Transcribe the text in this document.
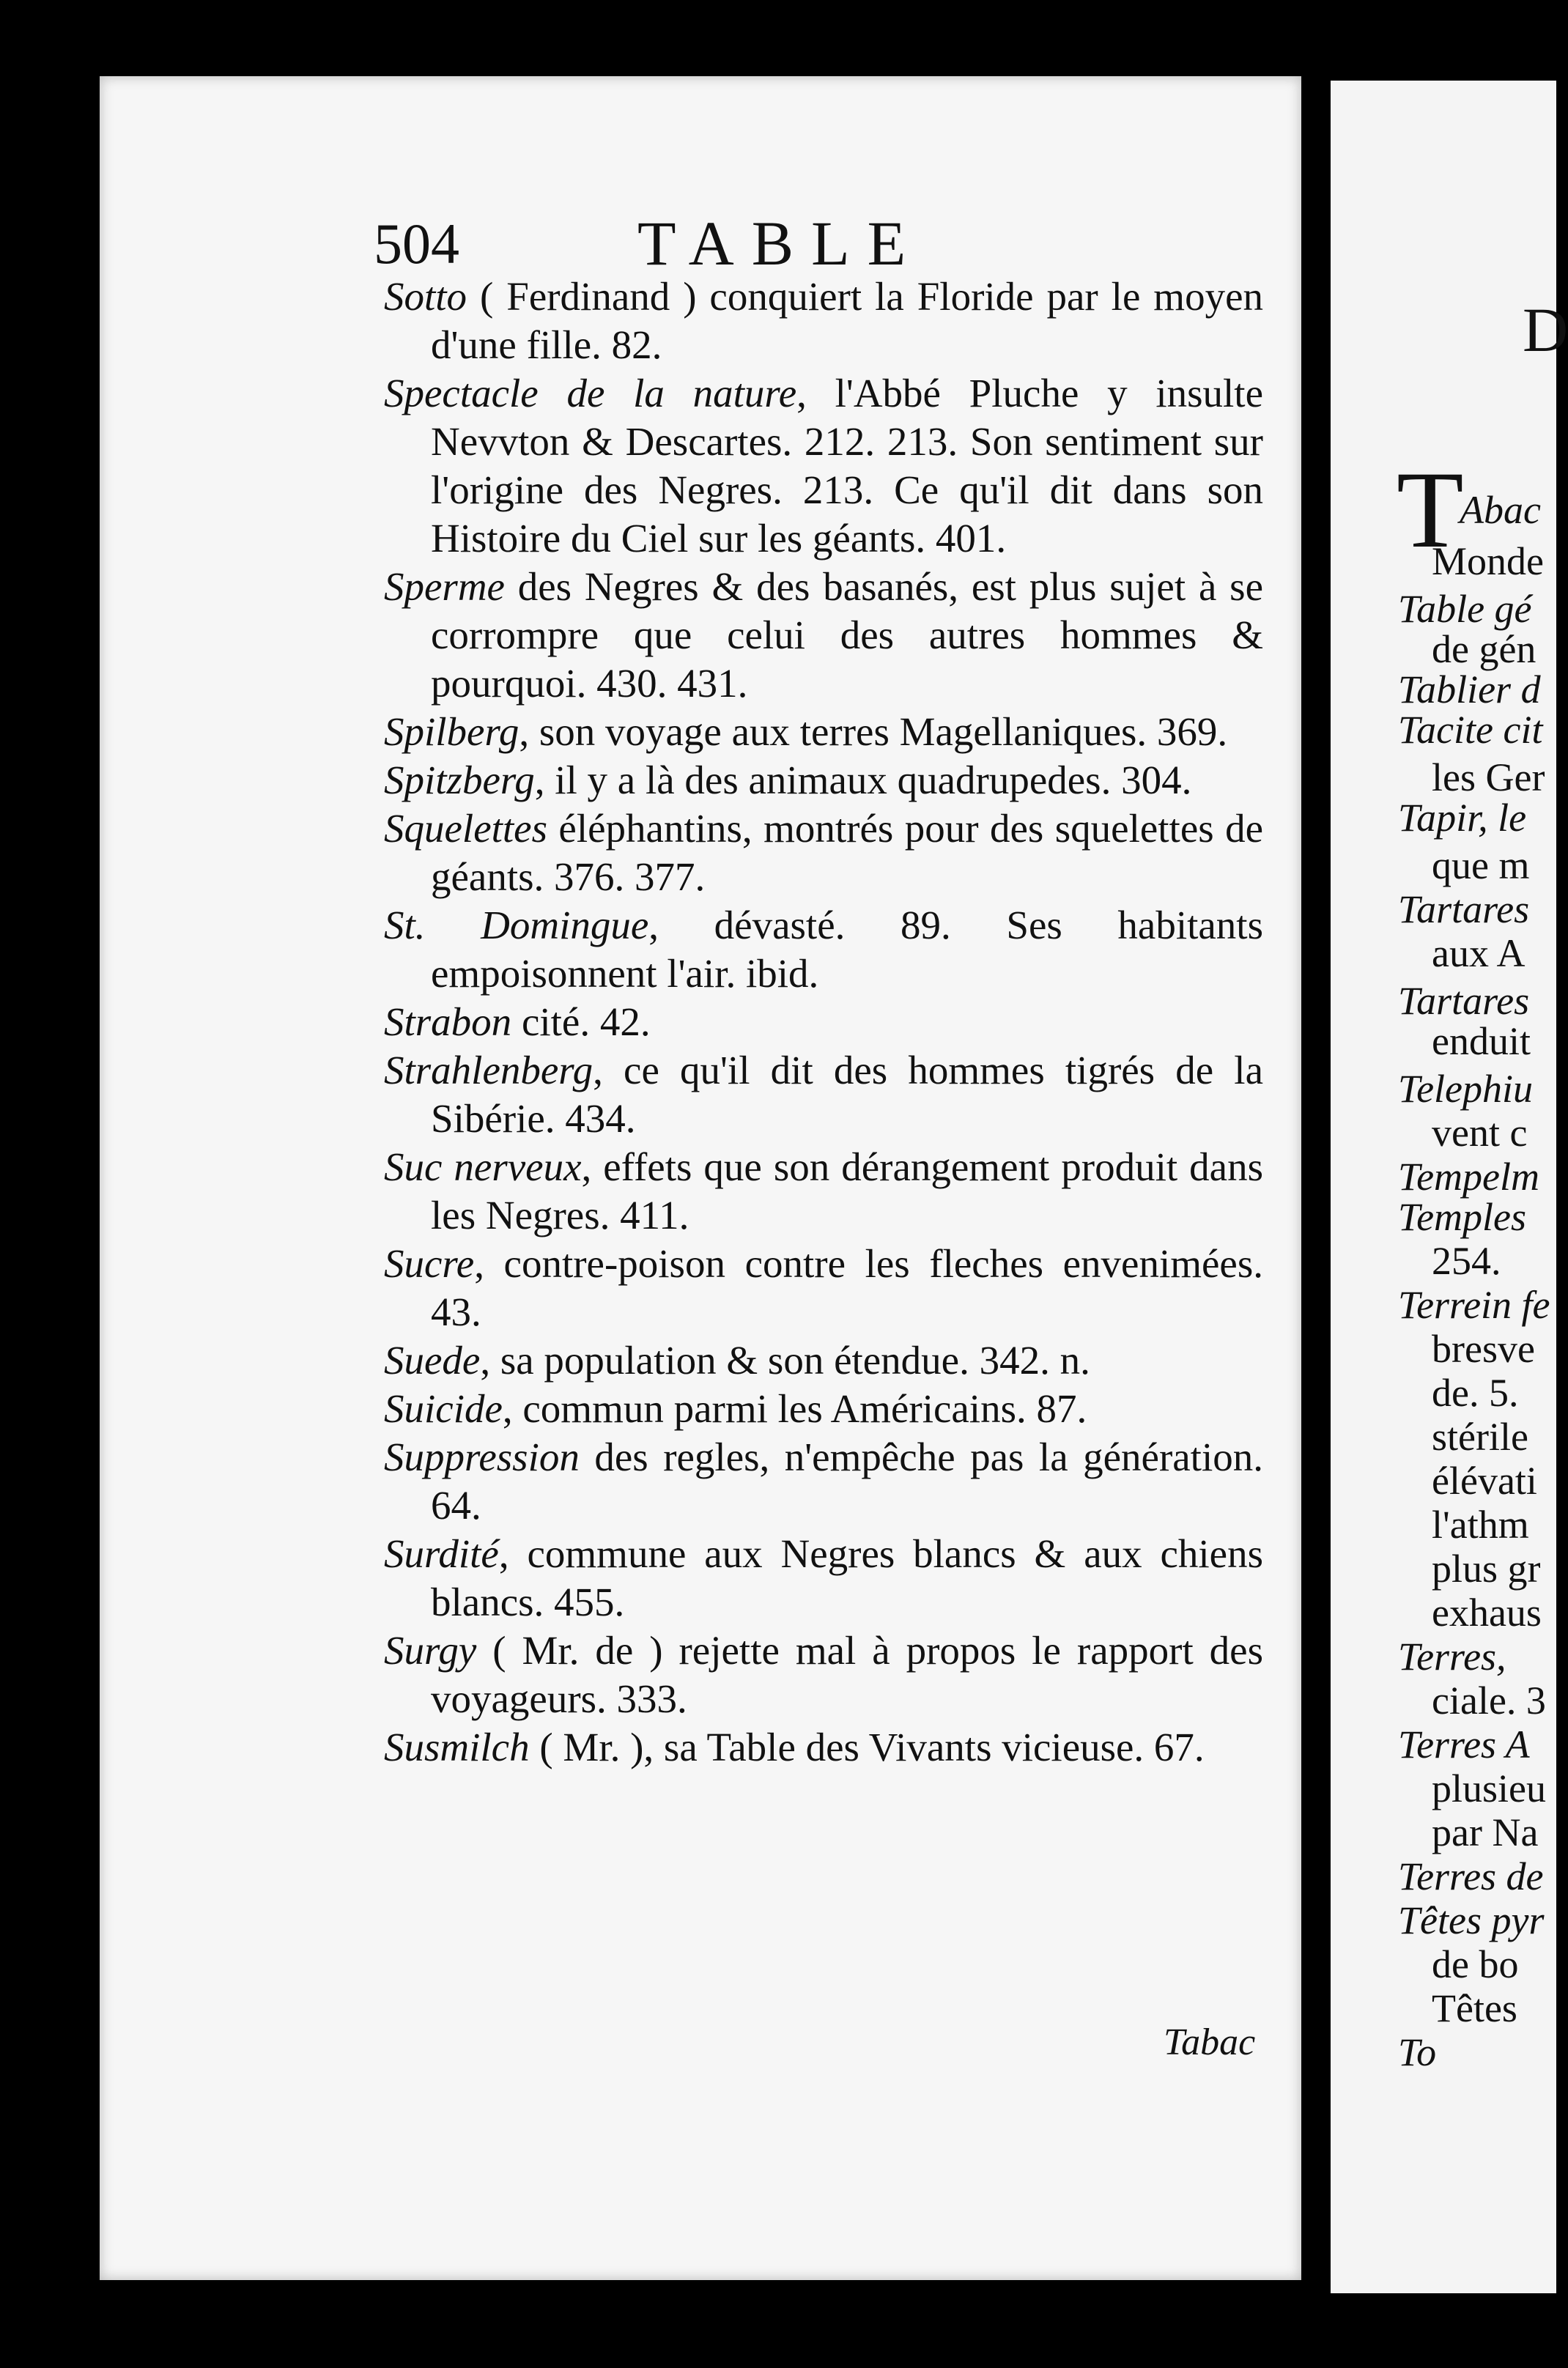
504	TABLE

Sotto ( Ferdinand ) conquiert la Floride par le moyen d'une fille. 82.

Spectacle de la nature, l'Abbé Pluche y insulte Nevvton & Descartes. 212. 213. Son sentiment sur l'origine des Negres. 213. Ce qu'il dit dans son Histoire du Ciel sur les géants. 401.

Sperme des Negres & des basanés, est plus sujet à se corrompre que celui des autres hommes & pourquoi. 430. 431.

Spilberg, son voyage aux terres Magellaniques. 369.

Spitzberg, il y a là des animaux quadrupedes. 304.

Squelettes éléphantins, montrés pour des squelettes de géants. 376. 377.

St. Domingue, dévasté. 89. Ses habitants empoisonnent l'air. ibid.

Strabon cité. 42.

Strahlenberg, ce qu'il dit des hommes tigrés de la Sibérie. 434.

Suc nerveux, effets que son dérangement produit dans les Negres. 411.

Sucre, contre-poison contre les fleches envenimées. 43.

Suede, sa population & son étendue. 342. n.

Suicide, commun parmi les Américains. 87.

Suppression des regles, n'empêche pas la génération. 64.

Surdité, commune aux Negres blancs & aux chiens blancs. 455.

Surgy ( Mr. de ) rejette mal à propos le rapport des voyageurs. 333.

Susmilch ( Mr. ), sa Table des Vivants vicieuse. 67.

Tabac
D
T
Abac
Monde
Table gé
de gén
Tablier d
Tacite cit
les Ger
Tapir, le
que m
Tartares
aux A
Tartares
enduit
Telephiu
vent c
Tempelm
Temples
254.
Terrein fe
bresve
de. 5.
stérile
élévati
l'athm
plus gr
exhaus
Terres,
ciale. 3
Terres A
plusieu
par Na
Terres de
Têtes pyr
de bo
Têtes
To
